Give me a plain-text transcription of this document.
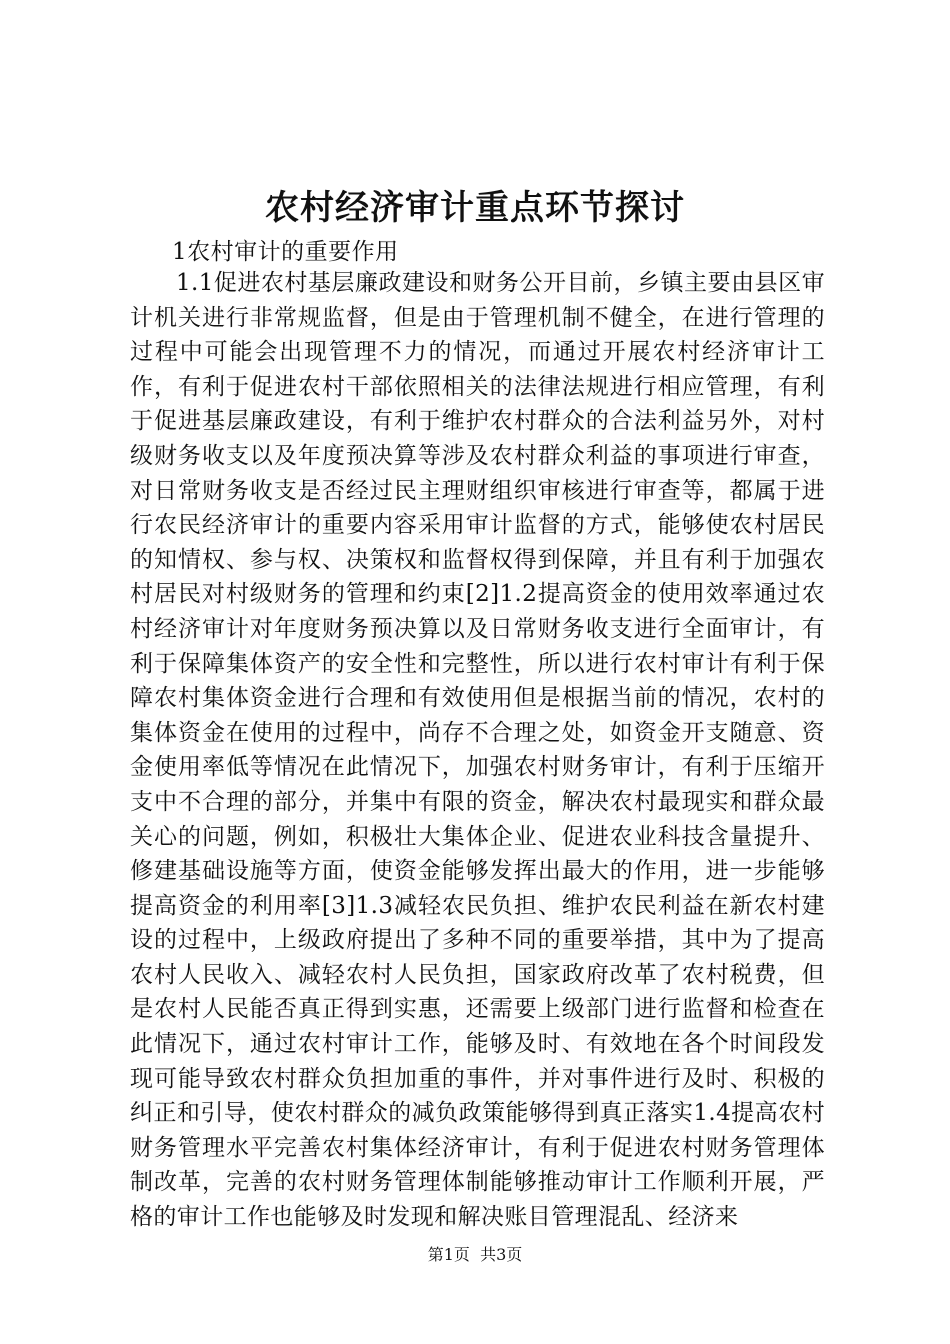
农村经济审计重点环节探讨

1农村审计的重要作用

1.1促进农村基层廉政建设和财务公开目前，乡镇主要由县区审计机关进行非常规监督，但是由于管理机制不健全，在进行管理的过程中可能会出现管理不力的情况，而通过开展农村经济审计工作，有利于促进农村干部依照相关的法律法规进行相应管理，有利于促进基层廉政建设，有利于维护农村群众的合法利益另外，对村级财务收支以及年度预决算等涉及农村群众利益的事项进行审查，对日常财务收支是否经过民主理财组织审核进行审查等，都属于进行农民经济审计的重要内容采用审计监督的方式，能够使农村居民的知情权、参与权、决策权和监督权得到保障，并且有利于加强农村居民对村级财务的管理和约束[2]1.2提高资金的使用效率通过农村经济审计对年度财务预决算以及日常财务收支进行全面审计，有利于保障集体资产的安全性和完整性，所以进行农村审计有利于保障农村集体资金进行合理和有效使用但是根据当前的情况，农村的集体资金在使用的过程中，尚存不合理之处，如资金开支随意、资金使用率低等情况在此情况下，加强农村财务审计，有利于压缩开支中不合理的部分，并集中有限的资金，解决农村最现实和群众最关心的问题，例如，积极壮大集体企业、促进农业科技含量提升、修建基础设施等方面，使资金能够发挥出最大的作用，进一步能够提高资金的利用率[3]1.3减轻农民负担、维护农民利益在新农村建设的过程中，上级政府提出了多种不同的重要举措，其中为了提高农村人民收入、减轻农村人民负担，国家政府改革了农村税费，但是农村人民能否真正得到实惠，还需要上级部门进行监督和检查在此情况下，通过农村审计工作，能够及时、有效地在各个时间段发现可能导致农村群众负担加重的事件，并对事件进行及时、积极的纠正和引导，使农村群众的减负政策能够得到真正落实1.4提高农村财务管理水平完善农村集体经济审计，有利于促进农村财务管理体制改革，完善的农村财务管理体制能够推动审计工作顺利开展，严格的审计工作也能够及时发现和解决账目管理混乱、经济来

第1页 共3页
